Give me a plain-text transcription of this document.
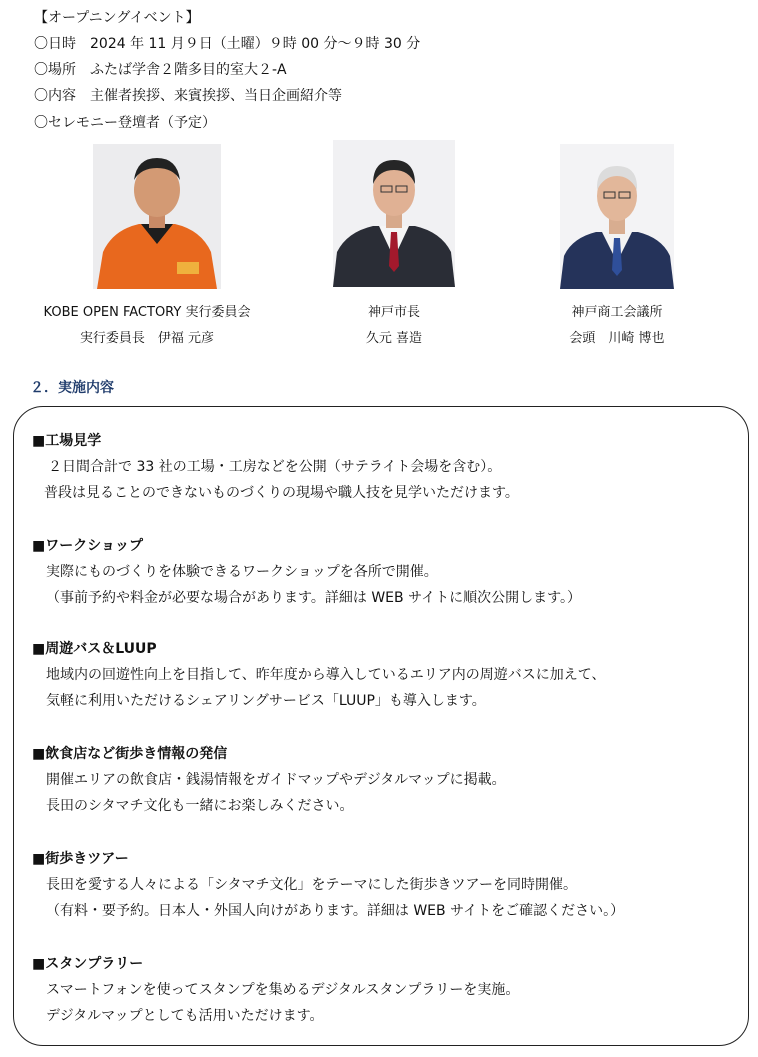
【オープニングイベント】
〇日時　2024 年 11 月９日（土曜）９時 00 分～９時 30 分
〇場所　ふたば学舎２階多目的室大２-A
〇内容　主催者挨拶、来賓挨拶、当日企画紹介等
〇セレモニー登壇者（予定）
KOBE OPEN FACTORY 実行委員会
実行委員長　伊福 元彦
神戸市長
久元 喜造
神戸商工会議所
会頭　川崎 博也
２．実施内容
■工場見学
２日間合計で 33 社の工場・工房などを公開（サテライト会場を含む）。
普段は見ることのできないものづくりの現場や職人技を見学いただけます。
■ワークショップ
実際にものづくりを体験できるワークショップを各所で開催。
（事前予約や料金が必要な場合があります。詳細は WEB サイトに順次公開します。）
■周遊バス＆LUUP
地域内の回遊性向上を目指して、昨年度から導入しているエリア内の周遊バスに加えて、
気軽に利用いただけるシェアリングサービス「LUUP」も導入します。
■飲食店など街歩き情報の発信
開催エリアの飲食店・銭湯情報をガイドマップやデジタルマップに掲載。
長田のシタマチ文化も一緒にお楽しみください。
■街歩きツアー
長田を愛する人々による「シタマチ文化」をテーマにした街歩きツアーを同時開催。
（有料・要予約。日本人・外国人向けがあります。詳細は WEB サイトをご確認ください。）
■スタンプラリー
スマートフォンを使ってスタンプを集めるデジタルスタンプラリーを実施。
デジタルマップとしても活用いただけます。
